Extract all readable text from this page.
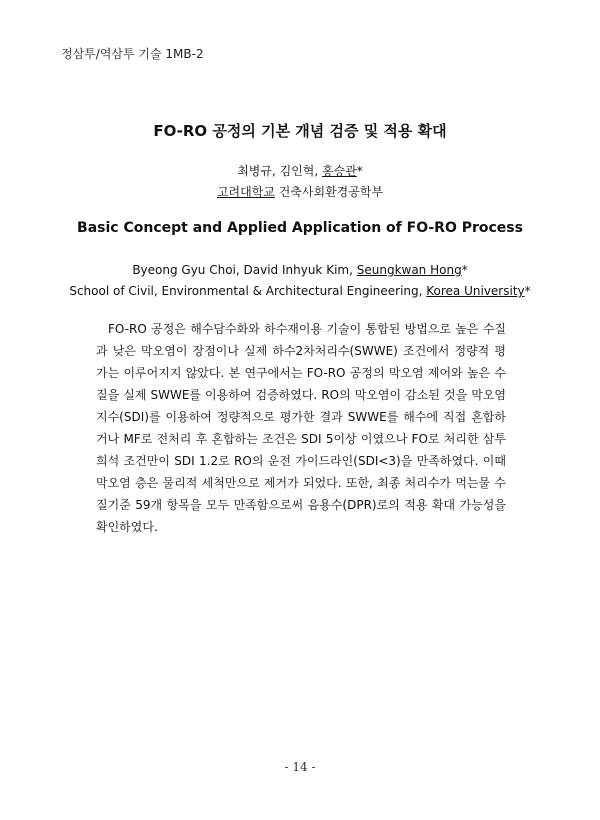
정삼투/역삼투 기술 1MB-2
FO-RO 공정의 기본 개념 검증 및 적용 확대
최병규, 김인혁, 홍승관*
고려대학교 건축사회환경공학부
Basic Concept and Applied Application of FO-RO Process
Byeong Gyu Choi, David Inhyuk Kim, Seungkwan Hong*
School of Civil, Environmental & Architectural Engineering, Korea University*

FO-RO 공정은 해수담수화와 하수재이용 기술이 통합된 방법으로 높은 수질과 낮은 막오염이 장점이나 실제 하수2차처리수(SWWE) 조건에서 정량적 평가는 이루어지지 않았다. 본 연구에서는 FO-RO 공정의 막오염 제어와 높은 수질을 실제 SWWE를 이용하여 검증하였다. RO의 막오염이 감소된 것을 막오염지수(SDI)를 이용하여 정량적으로 평가한 결과 SWWE를 해수에 직접 혼합하거나 MF로 전처리 후 혼합하는 조건은 SDI 5이상 이였으나 FO로 처리한 삼투희석 조건만이 SDI 1.2로 RO의 운전 가이드라인(SDI<3)을 만족하였다. 이때 막오염 층은 물리적 세척만으로 제거가 되었다. 또한, 최종 처리수가 먹는물 수질기준 59개 항목을 모두 만족함으로써 음용수(DPR)로의 적용 확대 가능성을 확인하였다.

- 14 -
